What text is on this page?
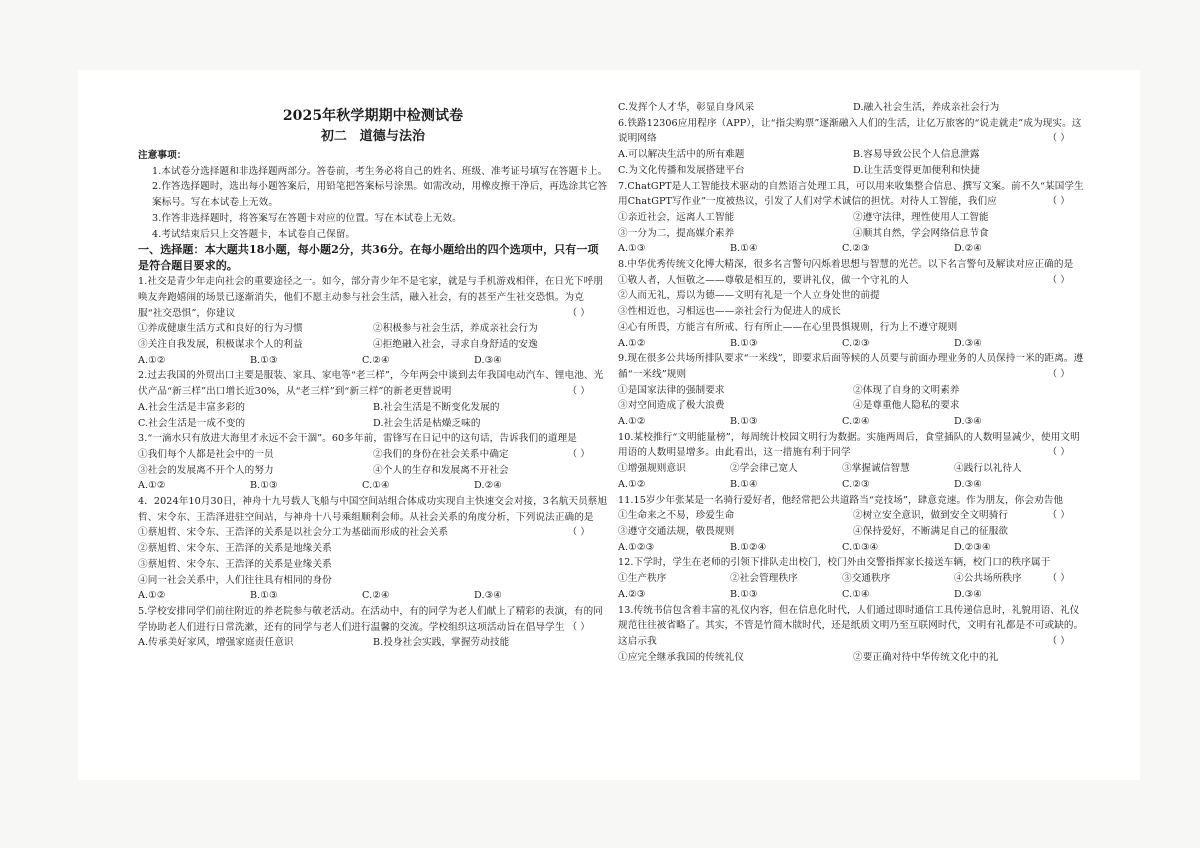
2025年秋学期期中检测试卷
初二 道德与法治
注意事项：
1.本试卷分选择题和非选择题两部分。答卷前，考生务必将自己的姓名、班级、准考证号填写在答题卡上。
2.作答选择题时，选出每小题答案后，用铅笔把答案标号涂黑。如需改动，用橡皮擦干净后，再选涂其它答案标号。写在本试卷上无效。
3.作答非选择题时，将答案写在答题卡对应的位置。写在本试卷上无效。
4.考试结束后只上交答题卡，本试卷自己保留。
一、选择题：本大题共18小题，每小题2分，共36分。在每小题给出的四个选项中，只有一项是符合题目要求的。
1.社交是青少年走向社会的重要途径之一。如今，部分青少年不是宅家，就是与手机游戏相伴，在日光下呼朋唤友奔跑嬉闹的场景已逐渐消失，他们不愿主动参与社会生活，融入社会，有的甚至产生社交恐惧。为克服“社交恐惧”，你建议	（ ）
①养成健康生活方式和良好的行为习惯	②积极参与社会生活，养成亲社会行为
③关注自我发展，积极谋求个人的利益	④拒绝融入社会，寻求自身舒适的安逸
A.①②	B.①③	C.②④	D.③④
2.过去我国的外贸出口主要是服装、家具、家电等“老三样”，今年两会中谈到去年我国电动汽车、锂电池、光伏产品“新三样”出口增长近30%，从“老三样”到“新三样”的新老更替说明	（ ）
A.社会生活是丰富多彩的	B.社会生活是不断变化发展的
C.社会生活是一成不变的	D.社会生活是枯燥乏味的
3.“一滴水只有放进大海里才永远不会干涸”。60多年前，雷锋写在日记中的这句话，告诉我们的道理是
（ ）
①我们每个人都是社会中的一员	②我们的身份在社会关系中确定
③社会的发展离不开个人的努力	④个人的生存和发展离不开社会
A.①②	B.①③	C.①④	D.②④
4．2024年10月30日，神舟十九号载人飞船与中国空间站组合体成功实现自主快速交会对接，3名航天员蔡旭哲、宋令东、王浩泽进驻空间站，与神舟十八号乘组顺利会师。从社会关系的角度分析，下列说法正确的是
（ ）
①蔡旭哲、宋令东、王浩泽的关系是以社会分工为基础而形成的社会关系
②蔡旭哲、宋令东、王浩泽的关系是地缘关系
③蔡旭哲、宋令东、王浩泽的关系是业缘关系
④同一社会关系中，人们往往具有相同的身份
A.①②	B.①③	C.②④	D.③④
5.学校安排同学们前往附近的养老院参与敬老活动。在活动中，有的同学为老人们献上了精彩的表演，有的同学协助老人们进行日常洗漱，还有的同学与老人们进行温馨的交流。学校组织这项活动旨在倡导学生 （ ）
A.传承美好家风，增强家庭责任意识	B.投身社会实践，掌握劳动技能
C.发挥个人才华，彰显自身风采	D.融入社会生活，养成亲社会行为
6.铁路12306应用程序（APP），让“指尖购票”逐渐融入人们的生活，让亿万旅客的“说走就走”成为现实。这说明网络	（ ）
A.可以解决生活中的所有难题	B.容易导致公民个人信息泄露
C.为文化传播和发展搭建平台	D.让生活变得更加便利和快捷
7.ChatGPT是人工智能技术驱动的自然语言处理工具，可以用来收集整合信息、撰写文案。前不久“某国学生用ChatGPT写作业”一度被热议，引发了人们对学术诚信的担忧。对待人工智能，我们应	（ ）
①亲近社会，远离人工智能	②遵守法律，理性使用人工智能
③一分为二，提高媒介素养	④顺其自然，学会网络信息节食
A.①③	B.①④	C.②③	D.②④
8.中华优秀传统文化博大精深，很多名言警句闪烁着思想与智慧的光芒。以下名言警句及解读对应正确的是
（ ）
①敬人者，人恒敬之——尊敬是相互的，要讲礼仪，做一个守礼的人
②人而无礼，焉以为德——文明有礼是一个人立身处世的前提
③性相近也，习相远也——亲社会行为促进人的成长
④心有所畏，方能言有所戒、行有所止——在心里畏惧规则，行为上不遵守规则
A.①②	B.①③	C.②③	D.③④
9.现在很多公共场所排队要求“一米线”，即要求后面等候的人员要与前面办理业务的人员保持一米的距离。遵循“一米线”规则	（ ）
①是国家法律的强制要求	②体现了自身的文明素养
③对空间造成了极大浪费	④是尊重他人隐私的要求
A.①②	B.①③	C.②④	D.③④
10.某校推行“文明能量榜”，每周统计校园文明行为数据。实施两周后，食堂插队的人数明显减少，使用文明用语的人数明显增多。由此看出，这一措施有利于同学	（ ）
①增强规则意识	②学会律己宽人	③掌握诚信智慧	④践行以礼待人
A.①②	B.①④	C.②③	D.③④
11.15岁少年张某是一名骑行爱好者，他经常把公共道路当“竞技场”，肆意竞速。作为朋友，你会劝告他
（ ）
①生命来之不易，珍爱生命	②树立安全意识，做到安全文明骑行
③遵守交通法规，敬畏规则	④保持爱好，不断满足自己的征服欲
A.①②③	B.①②④	C.①③④	D.②③④
12.下学时，学生在老师的引领下排队走出校门，校门外由交警指挥家长接送车辆，校门口的秩序属于
（ ）
①生产秩序	②社会管理秩序	③交通秩序	④公共场所秩序
A.②③	B.①③	C.①④	D.③④
13.传统书信包含着丰富的礼仪内容，但在信息化时代，人们通过即时通信工具传递信息时，礼貌用语、礼仪规范往往被省略了。其实，不管是竹简木牍时代，还是纸质文明乃至互联网时代，文明有礼都是不可或缺的。这启示我	（ ）
①应完全继承我国的传统礼仪	②要正确对待中华传统文化中的礼
